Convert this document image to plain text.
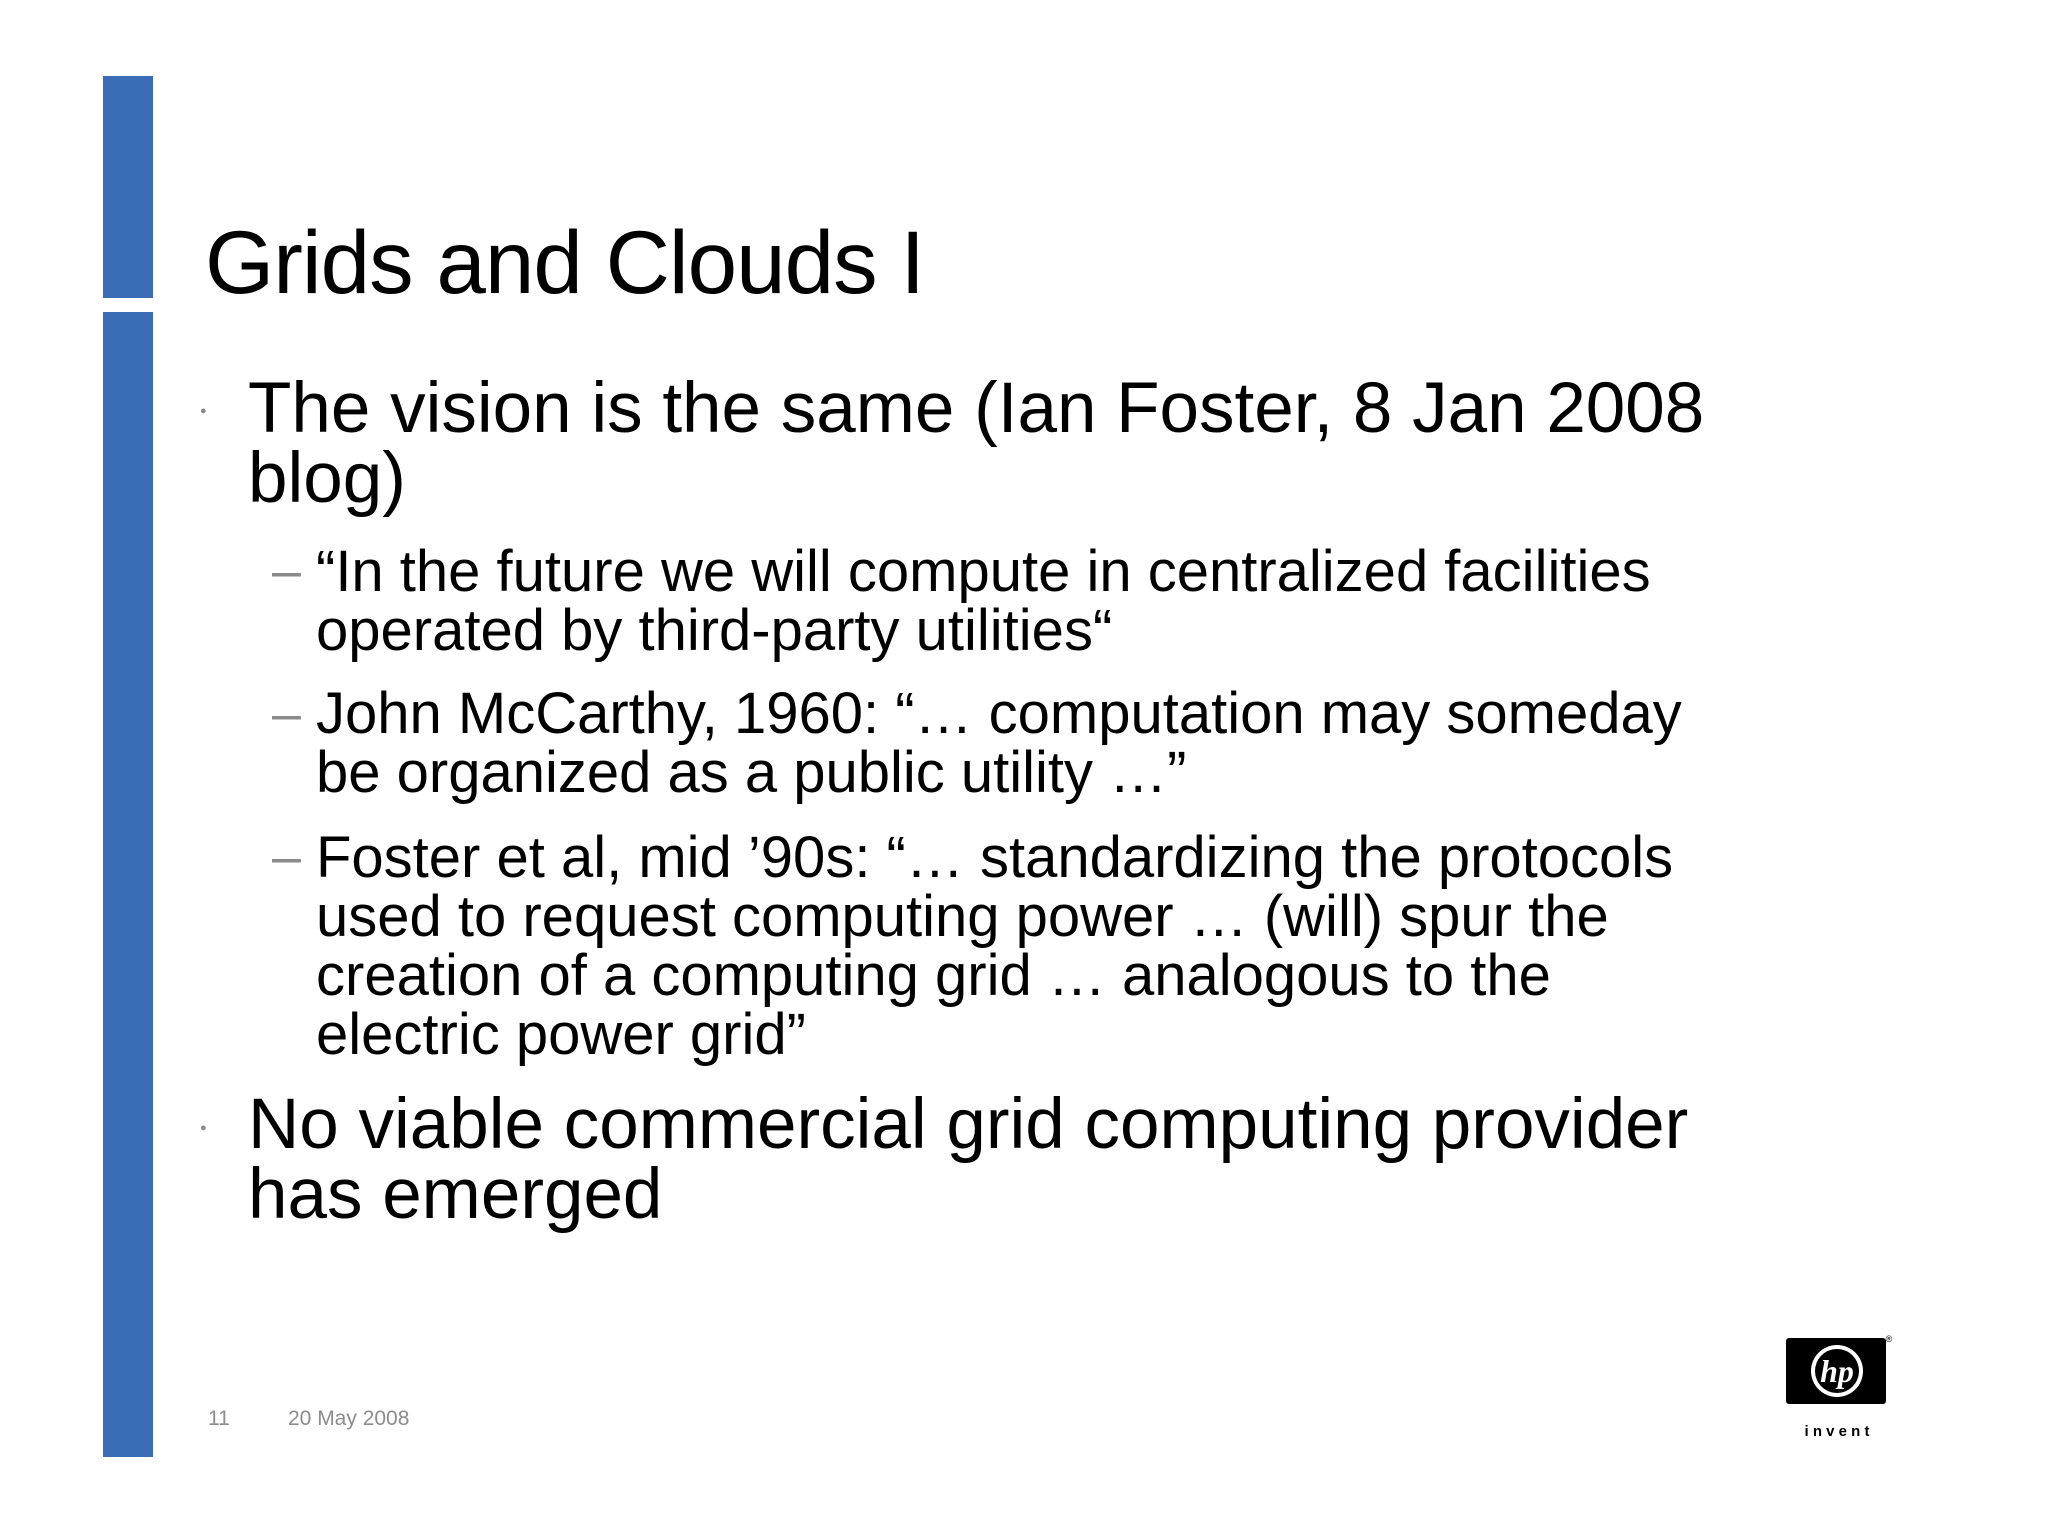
Grids and Clouds I
● The vision is the same (Ian Foster, 8 Jan 2008
blog)
– “In the future we will compute in centralized facilities
operated by third-party utilities“
– John McCarthy, 1960: “… computation may someday
be organized as a public utility …”
– Foster et al, mid ’90s: “… standardizing the protocols
used to request computing power … (will) spur the
creation of a computing grid … analogous to the
electric power grid”
● No viable commercial grid computing provider
has emerged
11	20 May 2008
hp
®
i n v e n t
